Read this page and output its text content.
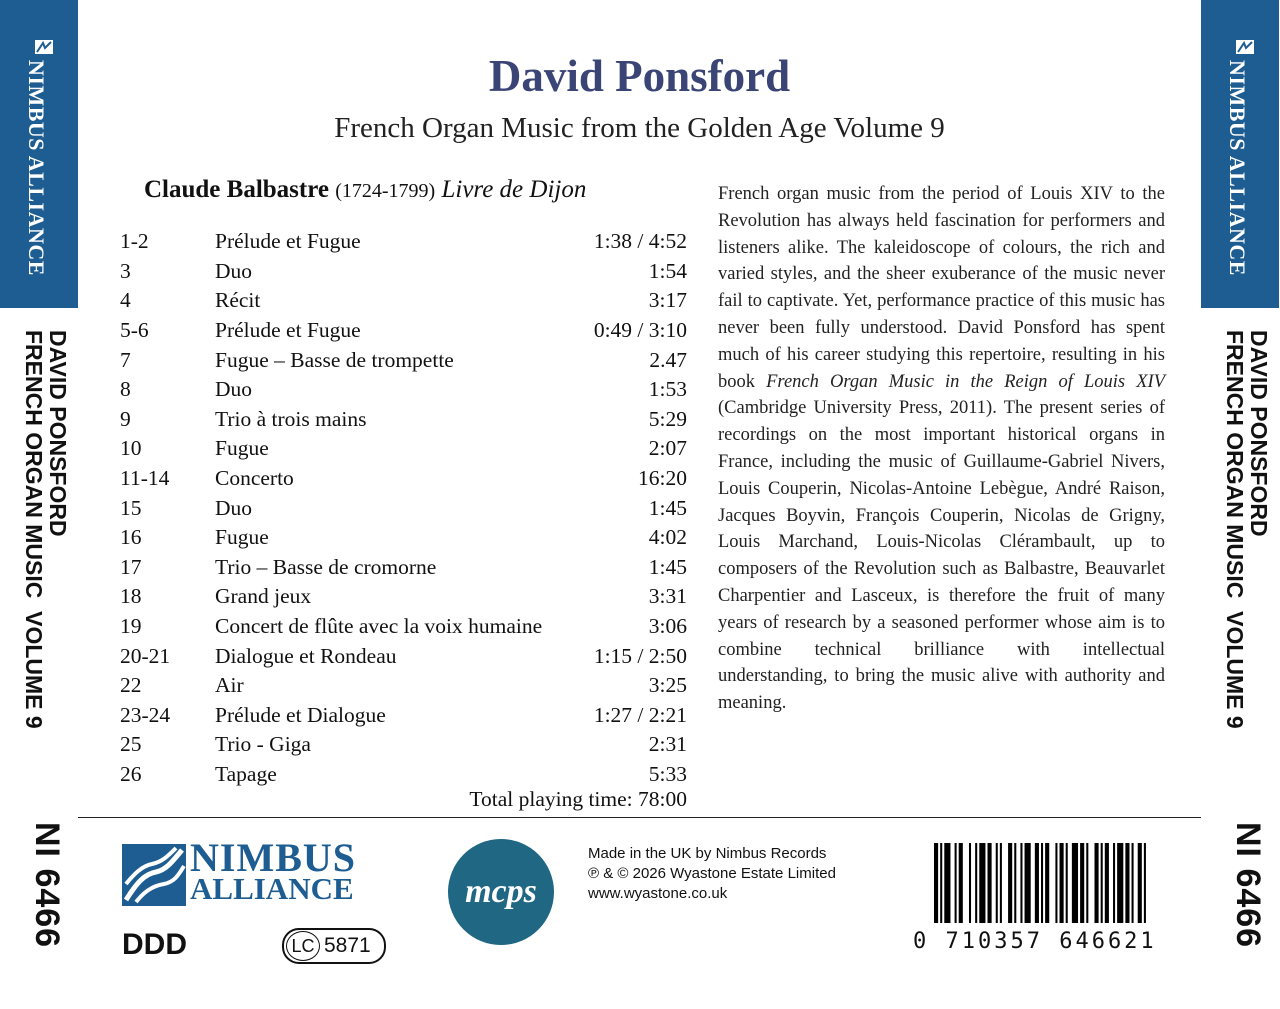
NIMBUS ALLIANCE
DAVID PONSFORD
FRENCH ORGAN MUSIC  VOLUME 9
NI 6466
NIMBUS ALLIANCE
DAVID PONSFORD
FRENCH ORGAN MUSIC  VOLUME 9
NI 6466
David Ponsford
French Organ Music from the Golden Age Volume 9
Claude Balbastre (1724-1799) Livre de Dijon
1-2	Prélude et Fugue	1:38 / 4:52
3	Duo	1:54
4	Récit	3:17
5-6	Prélude et Fugue	0:49 / 3:10
7	Fugue – Basse de trompette	2.47
8	Duo	1:53
9	Trio à trois mains	5:29
10	Fugue	2:07
11-14	Concerto	16:20
15	Duo	1:45
16	Fugue	4:02
17	Trio – Basse de cromorne	1:45
18	Grand jeux	3:31
19	Concert de flûte avec la voix humaine	3:06
20-21	Dialogue et Rondeau	1:15 / 2:50
22	Air	3:25
23-24	Prélude et Dialogue	1:27 / 2:21
25	Trio - Giga	2:31
26	Tapage	5:33
Total playing time: 78:00
French organ music from the period of Louis XIV to the Revolution has always held fascination for performers and listeners alike. The kaleidoscope of colours, the rich and varied styles, and the sheer exuberance of the music never fail to captivate. Yet, performance practice of this music has never been fully understood. David Ponsford has spent much of his career studying this repertoire, resulting in his book French Organ Music in the Reign of Louis XIV (Cambridge University Press, 2011). The present series of recordings on the most important historical organs in France, including the music of Guillaume-Gabriel Nivers, Louis Couperin, Nicolas-Antoine Lebègue, André Raison, Jacques Boyvin, François Couperin, Nicolas de Grigny, Louis Marchand, Louis-Nicolas Clérambault, up to composers of the Revolution such as Balbastre, Beauvarlet Charpentier and Lasceux, is therefore the fruit of many years of research by a seasoned performer whose aim is to combine technical brilliance with intellectual understanding, to bring the music alive with authority and meaning.
NIMBUS
ALLIANCE
DDD	LC 5871
mcps
Made in the UK by Nimbus Records
℗ & © 2026 Wyastone Estate Limited
www.wyastone.co.uk
0 710357 646621
